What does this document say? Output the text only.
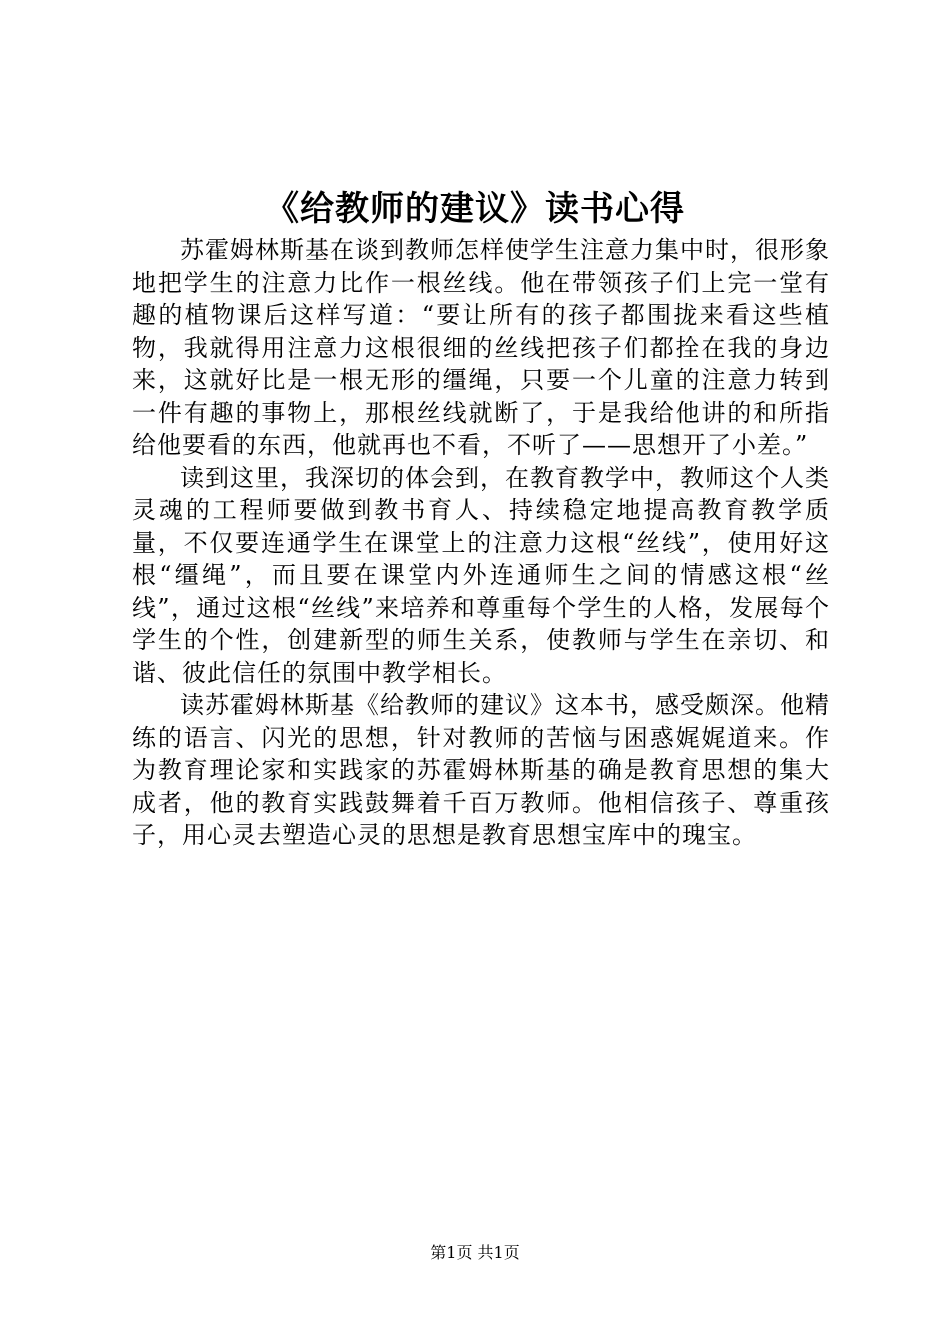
《给教师的建议》读书心得

苏霍姆林斯基在谈到教师怎样使学生注意力集中时，很形象地把学生的注意力比作一根丝线。他在带领孩子们上完一堂有趣的植物课后这样写道：“要让所有的孩子都围拢来看这些植物，我就得用注意力这根很细的丝线把孩子们都拴在我的身边来，这就好比是一根无形的缰绳，只要一个儿童的注意力转到一件有趣的事物上，那根丝线就断了，于是我给他讲的和所指给他要看的东西，他就再也不看，不听了——思想开了小差。”

读到这里，我深切的体会到，在教育教学中，教师这个人类灵魂的工程师要做到教书育人、持续稳定地提高教育教学质量，不仅要连通学生在课堂上的注意力这根“丝线”，使用好这根“缰绳”，而且要在课堂内外连通师生之间的情感这根“丝线”，通过这根“丝线”来培养和尊重每个学生的人格，发展每个学生的个性，创建新型的师生关系，使教师与学生在亲切、和谐、彼此信任的氛围中教学相长。

读苏霍姆林斯基《给教师的建议》这本书，感受颇深。他精练的语言、闪光的思想，针对教师的苦恼与困惑娓娓道来。作为教育理论家和实践家的苏霍姆林斯基的确是教育思想的集大成者，他的教育实践鼓舞着千百万教师。他相信孩子、尊重孩子，用心灵去塑造心灵的思想是教育思想宝库中的瑰宝。

第1页 共1页
